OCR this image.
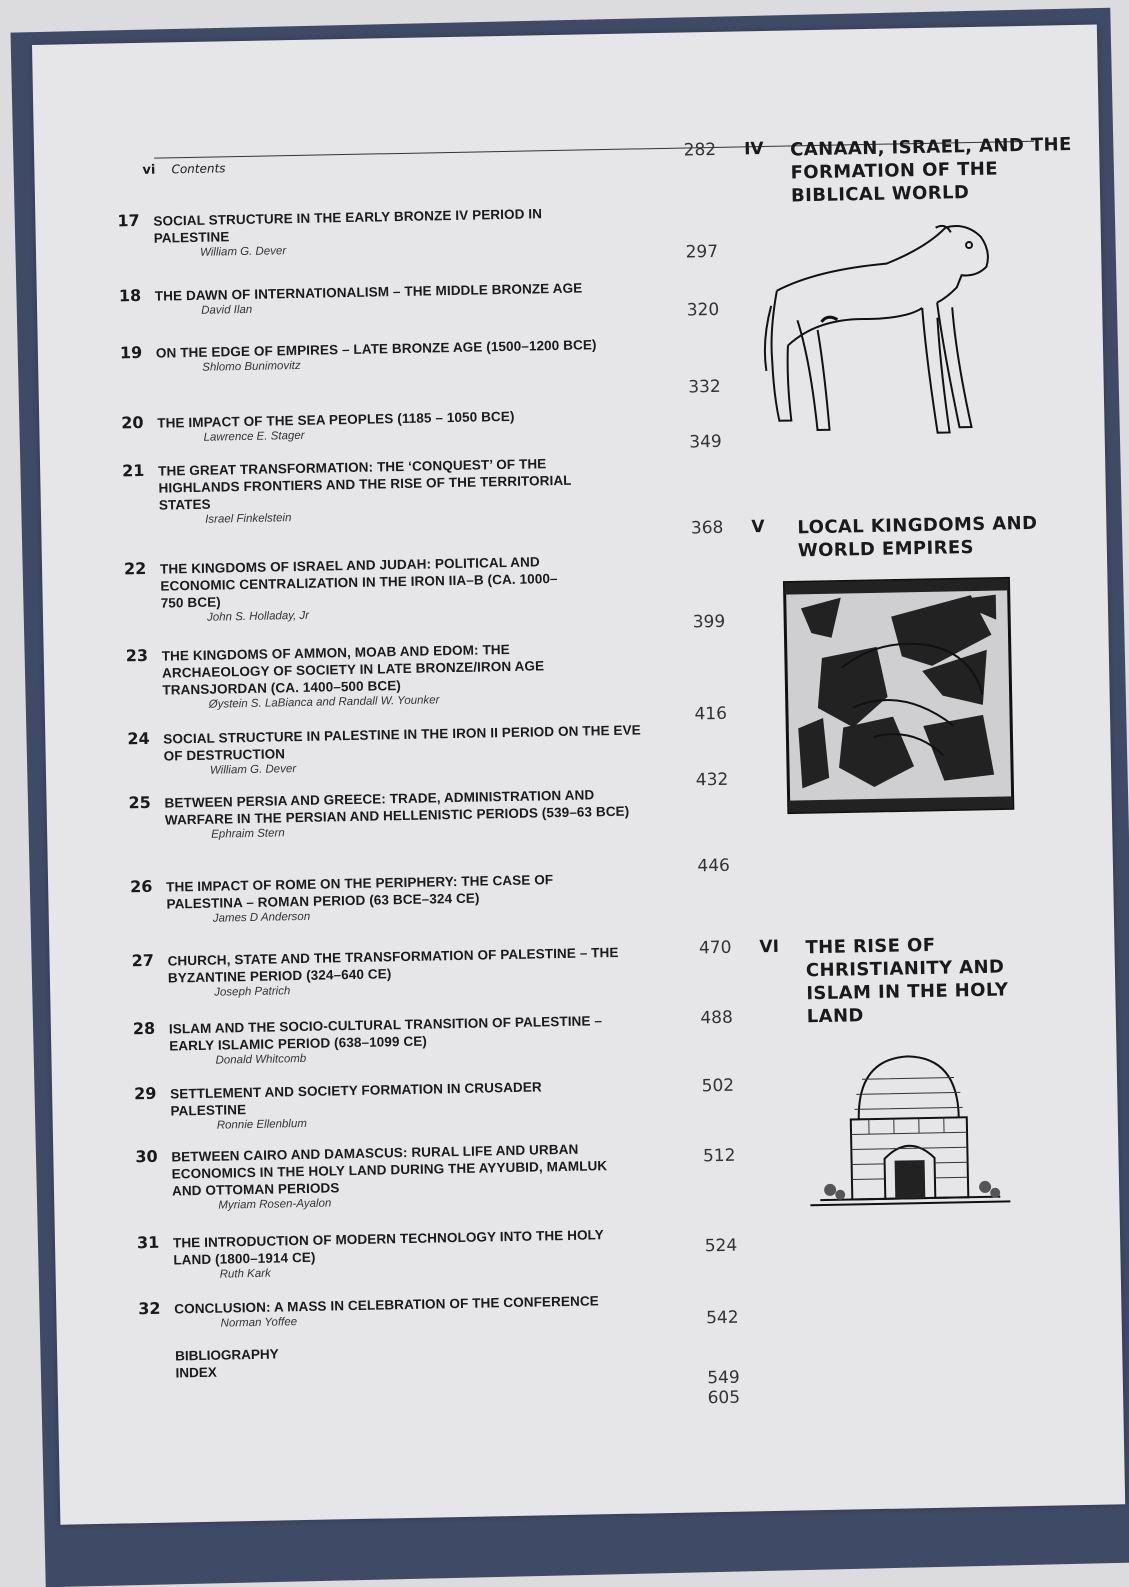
vi Contents
282 IV CANAAN, ISRAEL, AND THE FORMATION OF THE BIBLICAL WORLD
17 SOCIAL STRUCTURE IN THE EARLY BRONZE IV PERIOD IN PALESTINE
William G. Dever
18 THE DAWN OF INTERNATIONALISM – THE MIDDLE BRONZE AGE
David Ilan
297
19 ON THE EDGE OF EMPIRES – LATE BRONZE AGE (1500–1200 BCE)
Shlomo Bunimovitz
320
20 THE IMPACT OF THE SEA PEOPLES (1185 – 1050 BCE)
Lawrence E. Stager
332
21 THE GREAT TRANSFORMATION: THE ‘CONQUEST’ OF THE HIGHLANDS FRONTIERS AND THE RISE OF THE TERRITORIAL STATES
Israel Finkelstein
349
368 V LOCAL KINGDOMS AND WORLD EMPIRES
22 THE KINGDOMS OF ISRAEL AND JUDAH: POLITICAL AND ECONOMIC CENTRALIZATION IN THE IRON IIA–B (CA. 1000–750 BCE)
John S. Holladay, Jr
23 THE KINGDOMS OF AMMON, MOAB AND EDOM: THE ARCHAEOLOGY OF SOCIETY IN LATE BRONZE/IRON AGE TRANSJORDAN (CA. 1400–500 BCE)
Øystein S. LaBianca and Randall W. Younker
399
24 SOCIAL STRUCTURE IN PALESTINE IN THE IRON II PERIOD ON THE EVE OF DESTRUCTION
William G. Dever
416
25 BETWEEN PERSIA AND GREECE: TRADE, ADMINISTRATION AND WARFARE IN THE PERSIAN AND HELLENISTIC PERIODS (539–63 BCE)
Ephraim Stern
432
26 THE IMPACT OF ROME ON THE PERIPHERY: THE CASE OF PALESTINA – ROMAN PERIOD (63 BCE–324 CE)
James D Anderson
446
470 VI THE RISE OF CHRISTIANITY AND ISLAM IN THE HOLY LAND
27 CHURCH, STATE AND THE TRANSFORMATION OF PALESTINE – THE BYZANTINE PERIOD (324–640 CE)
Joseph Patrich
28 ISLAM AND THE SOCIO-CULTURAL TRANSITION OF PALESTINE – EARLY ISLAMIC PERIOD (638–1099 CE)
Donald Whitcomb
488
29 SETTLEMENT AND SOCIETY FORMATION IN CRUSADER PALESTINE
Ronnie Ellenblum
502
30 BETWEEN CAIRO AND DAMASCUS: RURAL LIFE AND URBAN ECONOMICS IN THE HOLY LAND DURING THE AYYUBID, MAMLUK AND OTTOMAN PERIODS
Myriam Rosen-Ayalon
512
31 THE INTRODUCTION OF MODERN TECHNOLOGY INTO THE HOLY LAND (1800–1914 CE)
Ruth Kark
524
32 CONCLUSION: A MASS IN CELEBRATION OF THE CONFERENCE
Norman Yoffee	542
BIBLIOGRAPHY
INDEX	549
605
